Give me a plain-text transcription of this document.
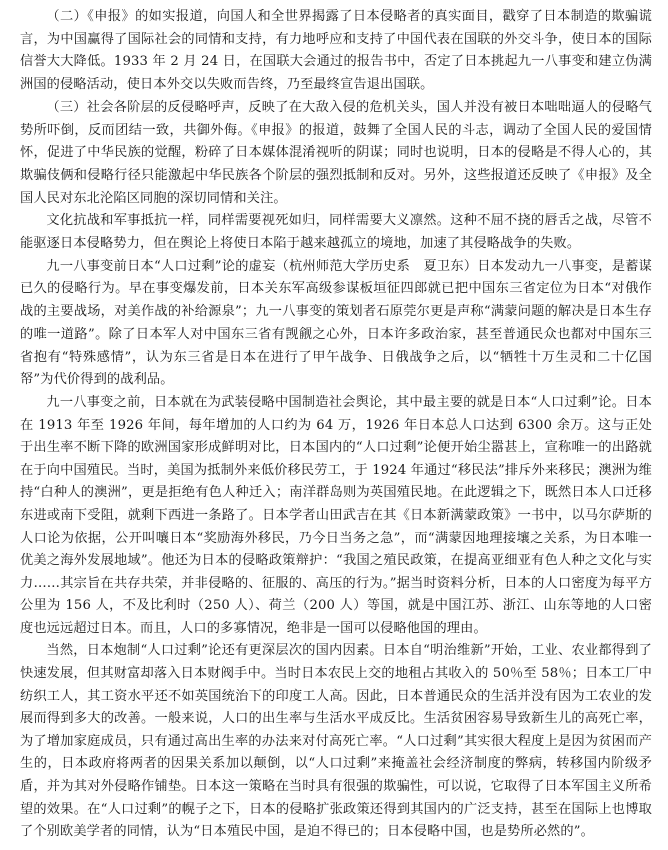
（二）《申报》的如实报道，向国人和全世界揭露了日本侵略者的真实面目，戳穿了日本制造的欺骗谎言，为中国赢得了国际社会的同情和支持，有力地呼应和支持了中国代表在国联的外交斗争，使日本的国际信誉大大降低。1933 年 2 月 24 日，在国联大会通过的报告书中，否定了日本挑起九一八事变和建立伪满洲国的侵略活动，使日本外交以失败而告终，乃至最终宣告退出国联。

（三）社会各阶层的反侵略呼声，反映了在大敌入侵的危机关头，国人并没有被日本咄咄逼人的侵略气势所吓倒，反而团结一致，共御外侮。《申报》的报道，鼓舞了全国人民的斗志，调动了全国人民的爱国情怀，促进了中华民族的觉醒，粉碎了日本媒体混淆视听的阴谋；同时也说明，日本的侵略是不得人心的，其欺骗伎俩和侵略行径只能激起中华民族各个阶层的强烈抵制和反对。另外，这些报道还反映了《申报》及全国人民对东北沦陷区同胞的深切同情和关注。

文化抗战和军事抵抗一样，同样需要视死如归，同样需要大义凛然。这种不屈不挠的唇舌之战，尽管不能驱逐日本侵略势力，但在舆论上将使日本陷于越来越孤立的境地，加速了其侵略战争的失败。

九一八事变前日本“人口过剩”论的虚妄（杭州师范大学历史系　夏卫东）日本发动九一八事变，是蓄谋已久的侵略行为。早在事变爆发前，日本关东军高级参谋板垣征四郎就已把中国东三省定位为日本“对俄作战的主要战场，对美作战的补给源泉”；九一八事变的策划者石原莞尔更是声称“满蒙问题的解决是日本生存的唯一道路”。除了日本军人对中国东三省有觊觎之心外，日本许多政治家，甚至普通民众也都对中国东三省抱有“特殊感情”，认为东三省是日本在进行了甲午战争、日俄战争之后，以“牺牲十万生灵和二十亿国帑”为代价得到的战利品。

九一八事变之前，日本就在为武装侵略中国制造社会舆论，其中最主要的就是日本“人口过剩”论。日本在 1913 年至 1926 年间，每年增加的人口约为 64 万，1926 年日本总人口达到 6300 余万。这与正处于出生率不断下降的欧洲国家形成鲜明对比，日本国内的“人口过剩”论便开始尘嚣甚上，宣称唯一的出路就在于向中国殖民。当时，美国为抵制外来低价移民劳工，于 1924 年通过“移民法”排斥外来移民；澳洲为维持“白种人的澳洲”，更是拒绝有色人种迁入；南洋群岛则为英国殖民地。在此逻辑之下，既然日本人口迁移东进或南下受阻，就剩下西进一条路了。日本学者山田武吉在其《日本新满蒙政策》一书中，以马尔萨斯的人口论为依据，公开叫嚷日本“奖励海外移民，乃今日当务之急”，而“满蒙因地理接壤之关系，为日本唯一优美之海外发展地域”。他还为日本的侵略政策辩护：“我国之殖民政策，在提高亚细亚有色人种之文化与实力……其宗旨在共存共荣，并非侵略的、征服的、高压的行为。”据当时资料分析，日本的人口密度为每平方公里为 156 人，不及比利时（250 人）、荷兰（200 人）等国，就是中国江苏、浙江、山东等地的人口密度也远远超过日本。而且，人口的多寡情况，绝非是一国可以侵略他国的理由。

当然，日本炮制“人口过剩”论还有更深层次的国内因素。日本自“明治维新”开始，工业、农业都得到了快速发展，但其财富却落入日本财阀手中。当时日本农民上交的地租占其收入的 50％至 58％；日本工厂中纺织工人，其工资水平还不如英国统治下的印度工人高。因此，日本普通民众的生活并没有因为工农业的发展而得到多大的改善。一般来说，人口的出生率与生活水平成反比。生活贫困容易导致新生儿的高死亡率，为了增加家庭成员，只有通过高出生率的办法来对付高死亡率。“人口过剩”其实很大程度上是因为贫困而产生的，日本政府将两者的因果关系加以颠倒，以“人口过剩”来掩盖社会经济制度的弊病，转移国内阶级矛盾，并为其对外侵略作铺垫。日本这一策略在当时具有很强的欺骗性，可以说，它取得了日本军国主义所希望的效果。在“人口过剩”的幌子之下，日本的侵略扩张政策还得到其国内的广泛支持，甚至在国际上也博取了个别欧美学者的同情，认为“日本殖民中国，是迫不得已的；日本侵略中国，也是势所必然的”。
